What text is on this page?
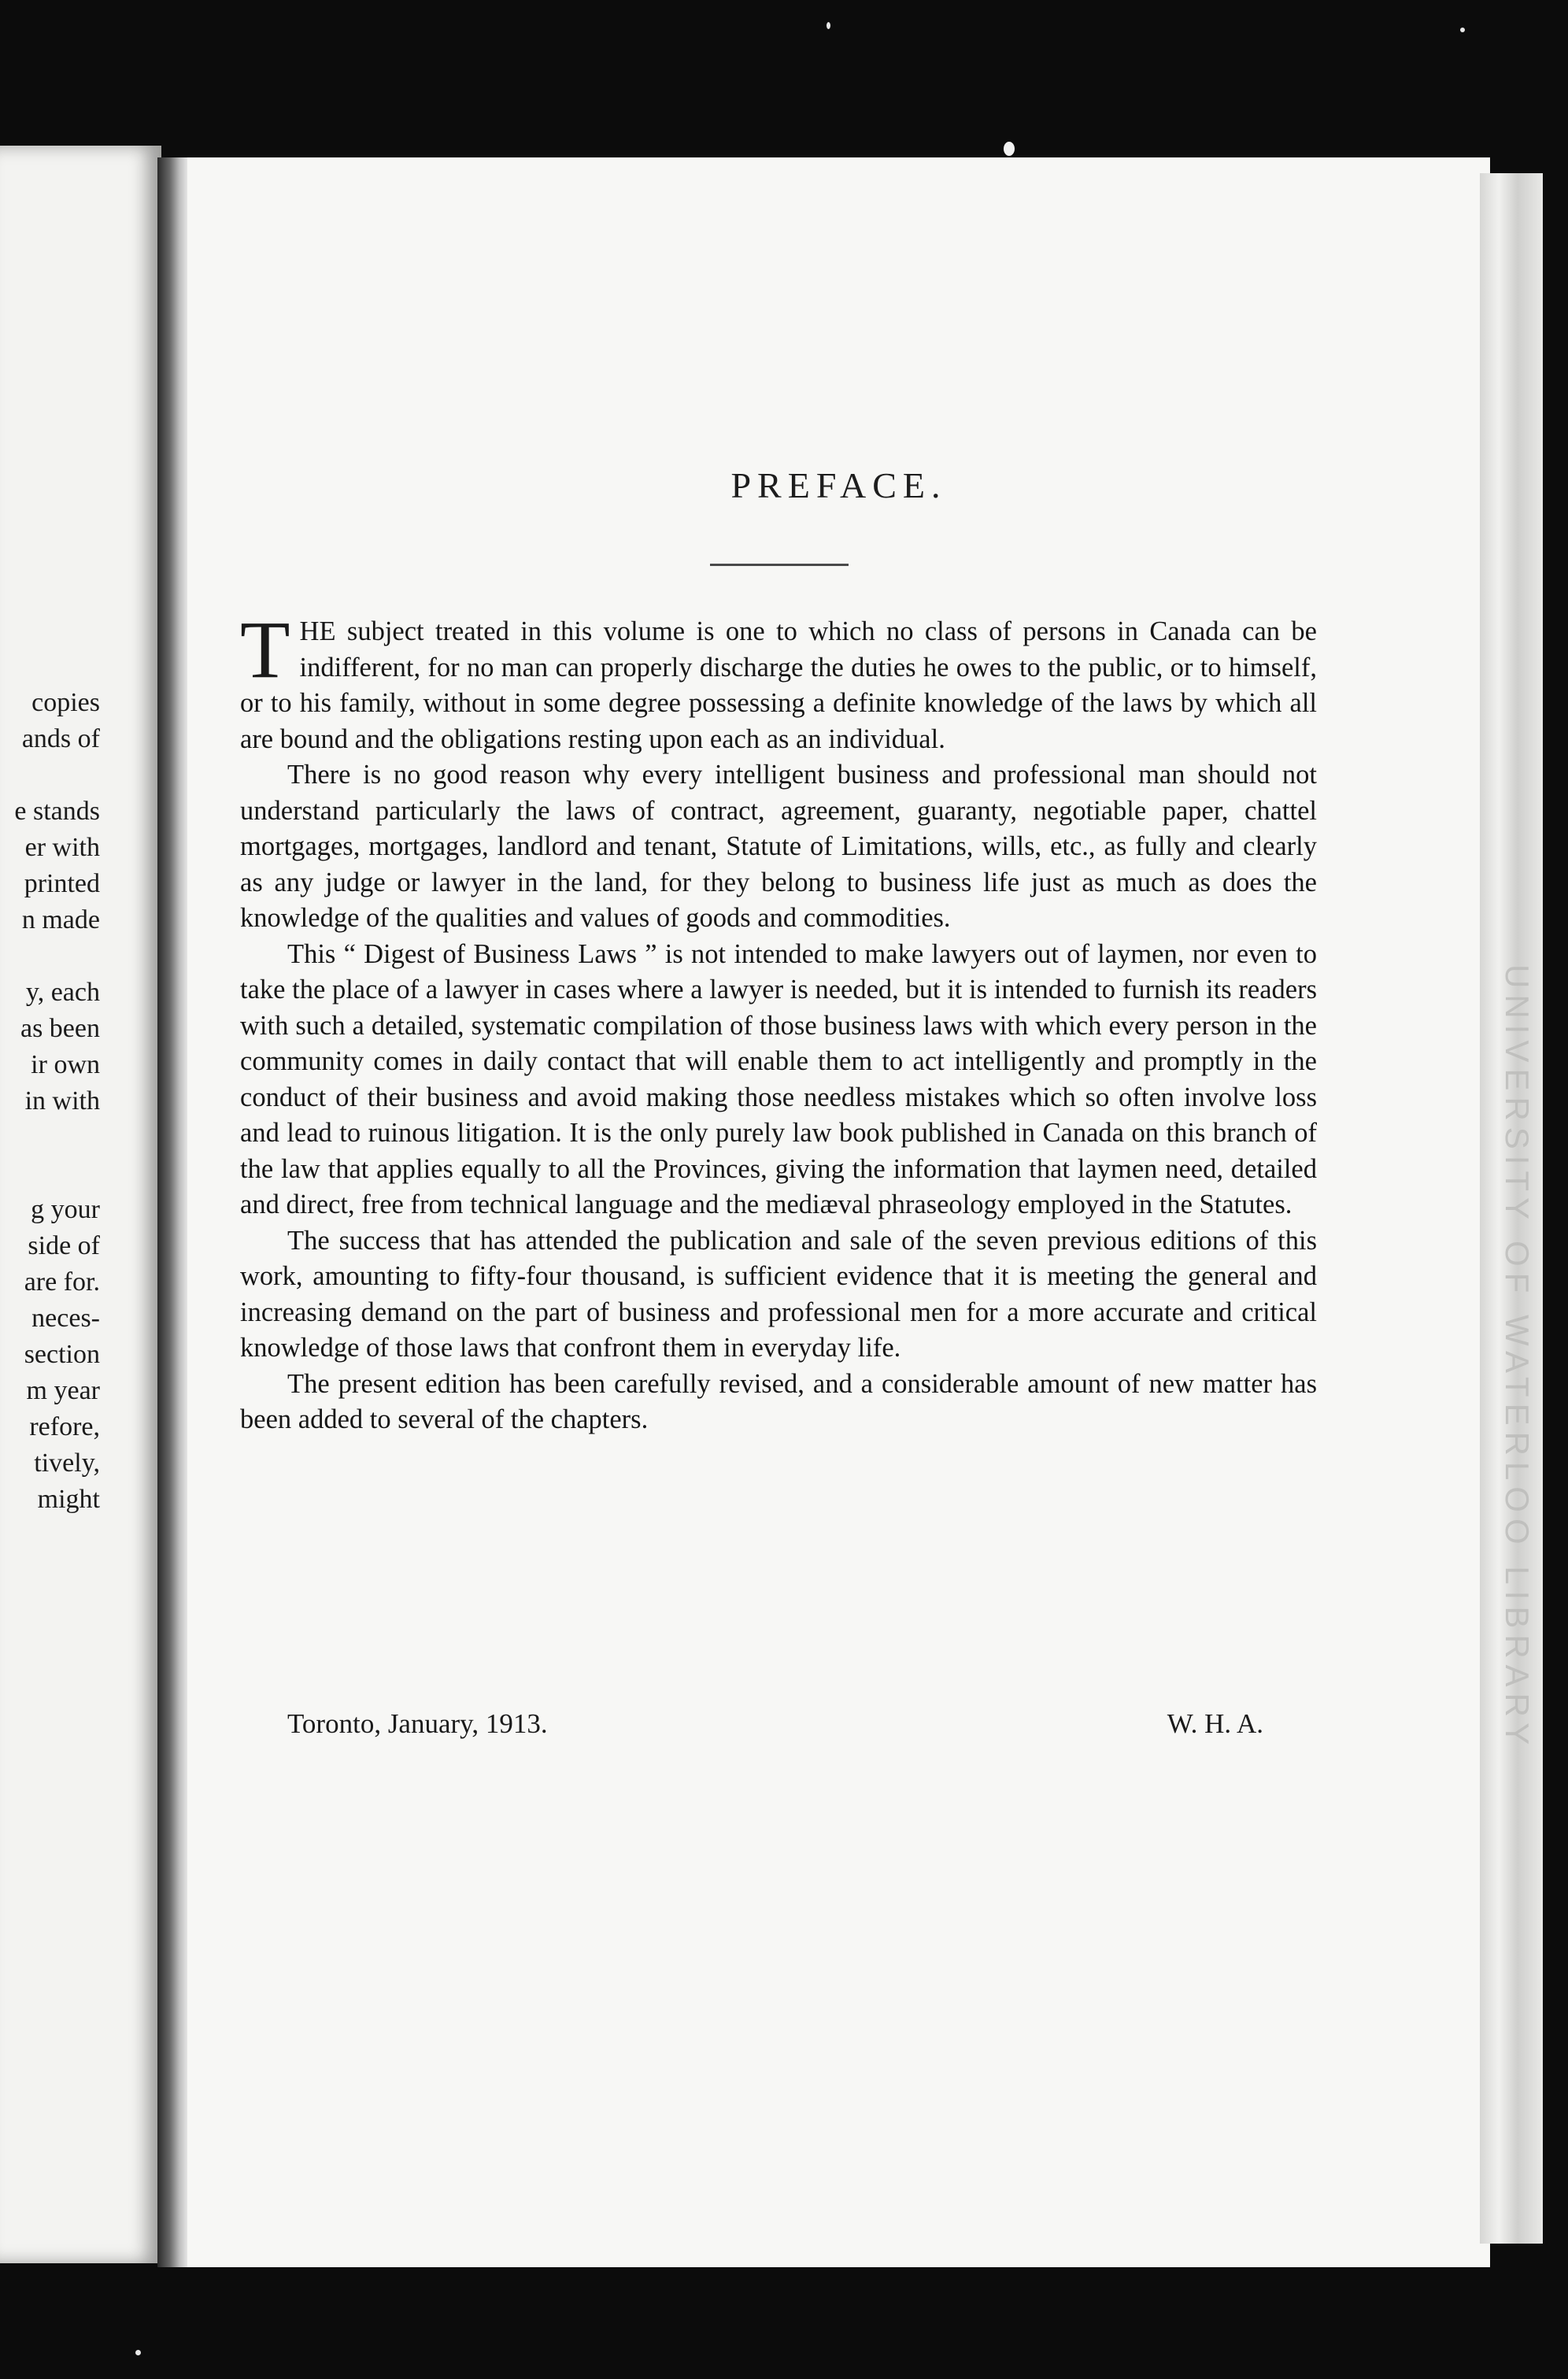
copies
ands of
e stands
er with
printed
n made
y, each
as been
ir own
in with
g your
side of
are for.
neces-
section
m year
refore,
tively,
might	UNIVERSITY OF WATERLOO LIBRARY
PREFACE.

THE subject treated in this volume is one to which no class of persons in Canada can be indifferent, for no man can properly discharge the duties he owes to the public, or to himself, or to his family, without in some degree possessing a definite knowledge of the laws by which all are bound and the obligations resting upon each as an individual.

There is no good reason why every intelligent business and professional man should not understand particularly the laws of contract, agreement, guaranty, negotiable paper, chattel mortgages, mortgages, landlord and tenant, Statute of Limitations, wills, etc., as fully and clearly as any judge or lawyer in the land, for they belong to business life just as much as does the knowledge of the qualities and values of goods and commodities.

This “ Digest of Business Laws ” is not intended to make lawyers out of laymen, nor even to take the place of a lawyer in cases where a lawyer is needed, but it is intended to furnish its readers with such a detailed, systematic compilation of those business laws with which every person in the community comes in daily contact that will enable them to act intelligently and promptly in the conduct of their business and avoid making those needless mistakes which so often involve loss and lead to ruinous litigation. It is the only purely law book published in Canada on this branch of the law that applies equally to all the Provinces, giving the information that laymen need, detailed and direct, free from technical language and the mediæval phraseology employed in the Statutes.

The success that has attended the publication and sale of the seven previous editions of this work, amounting to fifty-four thousand, is sufficient evidence that it is meeting the general and increasing demand on the part of business and professional men for a more accurate and critical knowledge of those laws that confront them in everyday life.

The present edition has been carefully revised, and a considerable amount of new matter has been added to several of the chapters.

Toronto, January, 1913.	W. H. A.
